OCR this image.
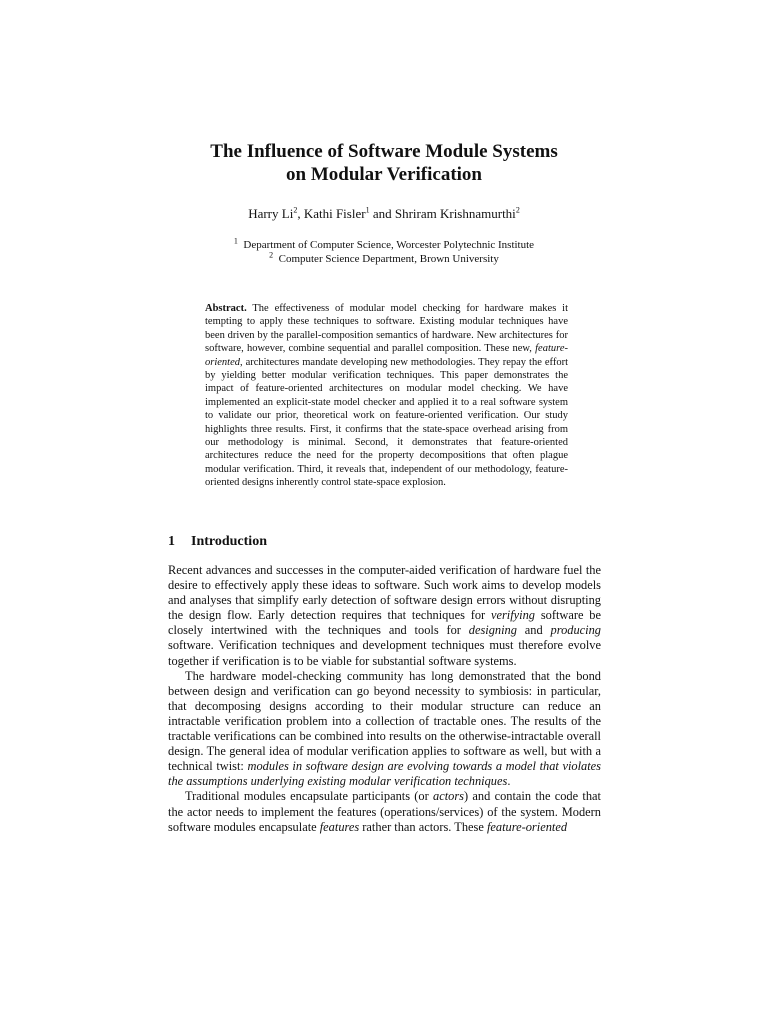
The Influence of Software Module Systems
on Modular Verification
Harry Li$^2$, Kathi Fisler$^1$ and Shriram Krishnamurthi$^2$
$^1$ Department of Computer Science, Worcester Polytechnic Institute
$^2$ Computer Science Department, Brown University
Abstract. The effectiveness of modular model checking for hardware makes it tempting to apply these techniques to software. Existing modular techniques have been driven by the parallel-composition semantics of hardware. New architectures for software, however, combine sequential and parallel composition. These new, feature-oriented, architectures mandate developing new methodologies. They repay the effort by yielding better modular verification techniques. This paper demonstrates the impact of feature-oriented architectures on modular model checking. We have implemented an explicit-state model checker and applied it to a real software system to validate our prior, theoretical work on feature-oriented verification. Our study highlights three results. First, it confirms that the state-space overhead arising from our methodology is minimal. Second, it demonstrates that feature-oriented architectures reduce the need for the property decompositions that often plague modular verification. Third, it reveals that, independent of our methodology, feature-oriented designs inherently control state-space explosion.
1 Introduction

Recent advances and successes in the computer-aided verification of hardware fuel the desire to effectively apply these ideas to software. Such work aims to develop models and analyses that simplify early detection of software design errors without disrupting the design flow. Early detection requires that techniques for verifying software be closely intertwined with the techniques and tools for designing and producing software. Verification techniques and development techniques must therefore evolve together if verification is to be viable for substantial software systems.

The hardware model-checking community has long demonstrated that the bond between design and verification can go beyond necessity to symbiosis: in particular, that decomposing designs according to their modular structure can reduce an intractable verification problem into a collection of tractable ones. The results of the tractable verifications can be combined into results on the otherwise-intractable overall design. The general idea of modular verification applies to software as well, but with a technical twist: modules in software design are evolving towards a model that violates the assumptions underlying existing modular verification techniques.

Traditional modules encapsulate participants (or actors) and contain the code that the actor needs to implement the features (operations/services) of the system. Modern software modules encapsulate features rather than actors. These feature-oriented
